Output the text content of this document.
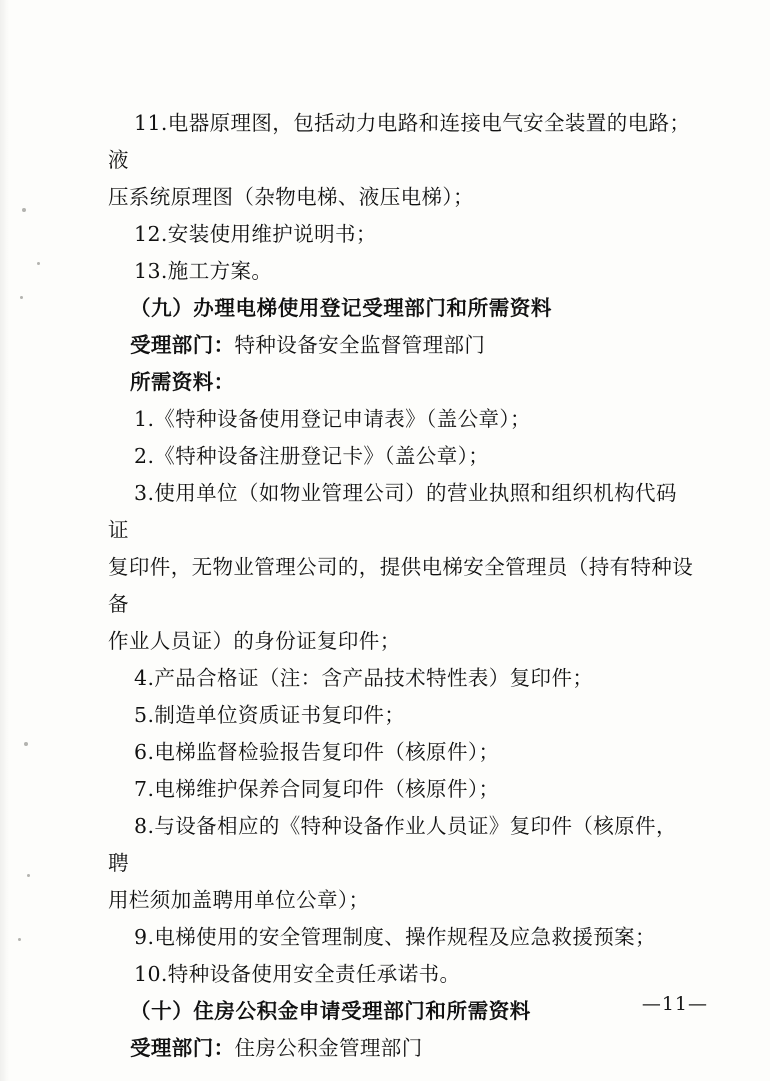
11.电器原理图，包括动力电路和连接电气安全装置的电路；液
压系统原理图（杂物电梯、液压电梯）；
12.安装使用维护说明书；
13.施工方案。
（九）办理电梯使用登记受理部门和所需资料
受理部门：特种设备安全监督管理部门
所需资料：
1.《特种设备使用登记申请表》（盖公章）；
2.《特种设备注册登记卡》（盖公章）；
3.使用单位（如物业管理公司）的营业执照和组织机构代码证
复印件，无物业管理公司的，提供电梯安全管理员（持有特种设备
作业人员证）的身份证复印件；
4.产品合格证（注：含产品技术特性表）复印件；
5.制造单位资质证书复印件；
6.电梯监督检验报告复印件（核原件）；
7.电梯维护保养合同复印件（核原件）；
8.与设备相应的《特种设备作业人员证》复印件（核原件，聘
用栏须加盖聘用单位公章）；
9.电梯使用的安全管理制度、操作规程及应急救援预案；
10.特种设备使用安全责任承诺书。
（十）住房公积金申请受理部门和所需资料
受理部门：住房公积金管理部门
—11—
